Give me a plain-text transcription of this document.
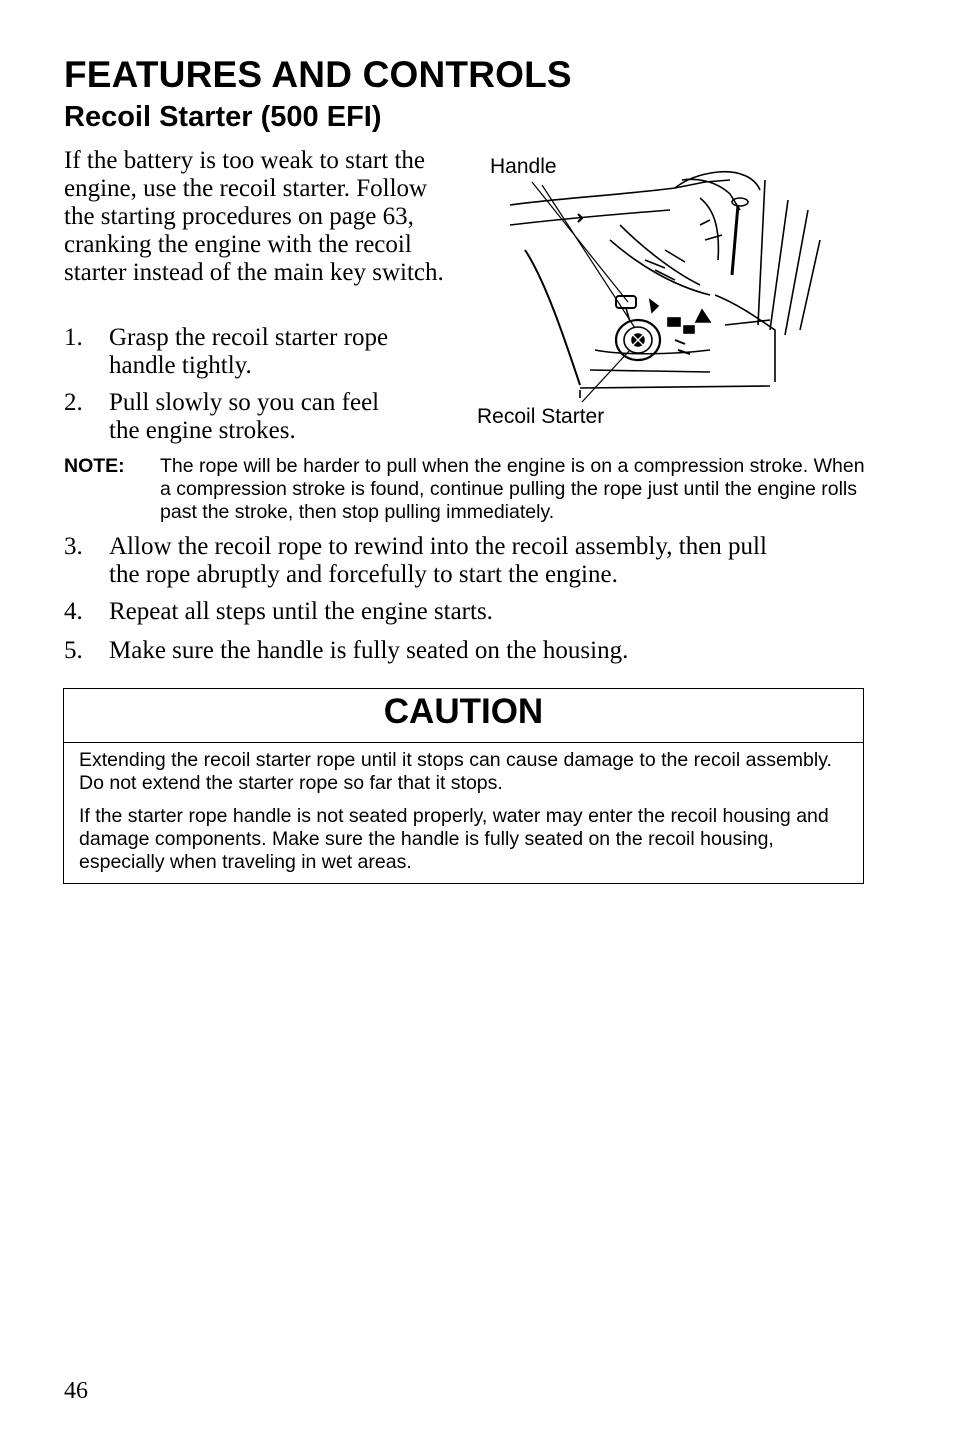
FEATURES AND CONTROLS
Recoil Starter (500 EFI)
If the battery is too weak to start the engine, use the recoil starter. Follow the starting procedures on page 63, cranking the engine with the recoil starter instead of the main key switch.
1. Grasp the recoil starter rope
handle tightly.
2. Pull slowly so you can feel
the engine strokes.
Handle
Recoil Starter
NOTE: The rope will be harder to pull when the engine is on a compression stroke. When a compression stroke is found, continue pulling the rope just until the engine rolls past the stroke, then stop pulling immediately.
3. Allow the recoil rope to rewind into the recoil assembly, then pull
the rope abruptly and forcefully to start the engine.
4. Repeat all steps until the engine starts.
5. Make sure the handle is fully seated on the housing.
CAUTION
Extending the recoil starter rope until it stops can cause damage to the recoil assembly. Do not extend the starter rope so far that it stops.
If the starter rope handle is not seated properly, water may enter the recoil housing and damage components. Make sure the handle is fully seated on the recoil housing, especially when traveling in wet areas.
46
